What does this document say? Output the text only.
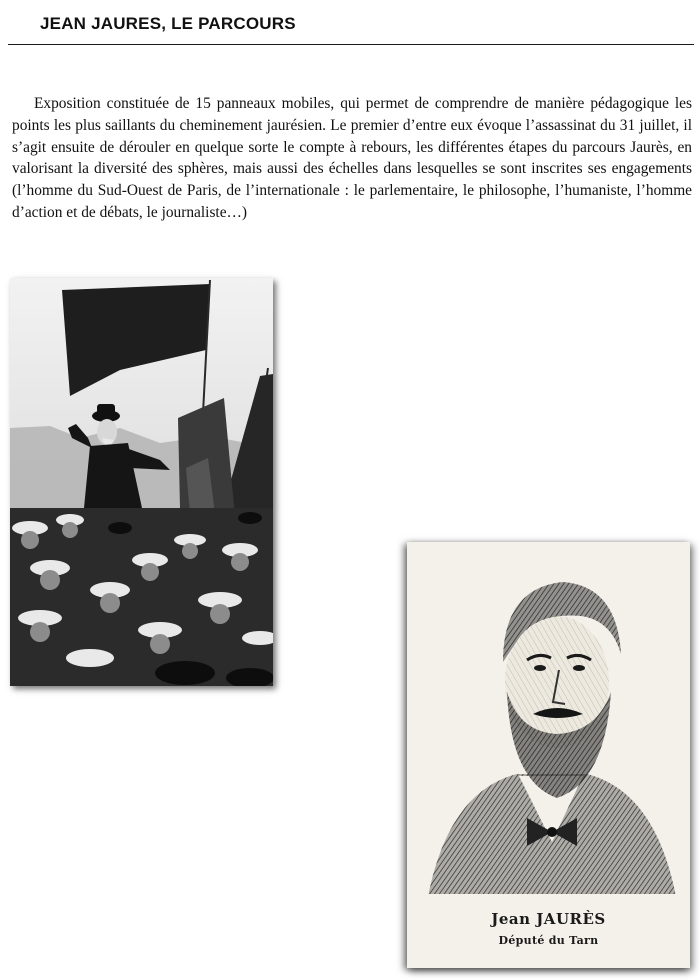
JEAN JAURES, LE PARCOURS

Exposition constituée de 15 panneaux mobiles, qui permet de comprendre de manière pédagogique les points les plus saillants du cheminement jaurésien. Le premier d’entre eux évoque l’assassinat du 31 juillet, il s’agit ensuite de dérouler en quelque sorte le compte à rebours, les différentes étapes du parcours Jaurès, en valorisant la diversité des sphères, mais aussi des échelles dans lesquelles se sont inscrites ses engagements (l’homme du Sud-Ouest de Paris, de l’internationale : le parlementaire, le philosophe, l’humaniste, l’homme d’action et de débats, le journaliste…)

Jean JAURÈS
Député du Tarn
